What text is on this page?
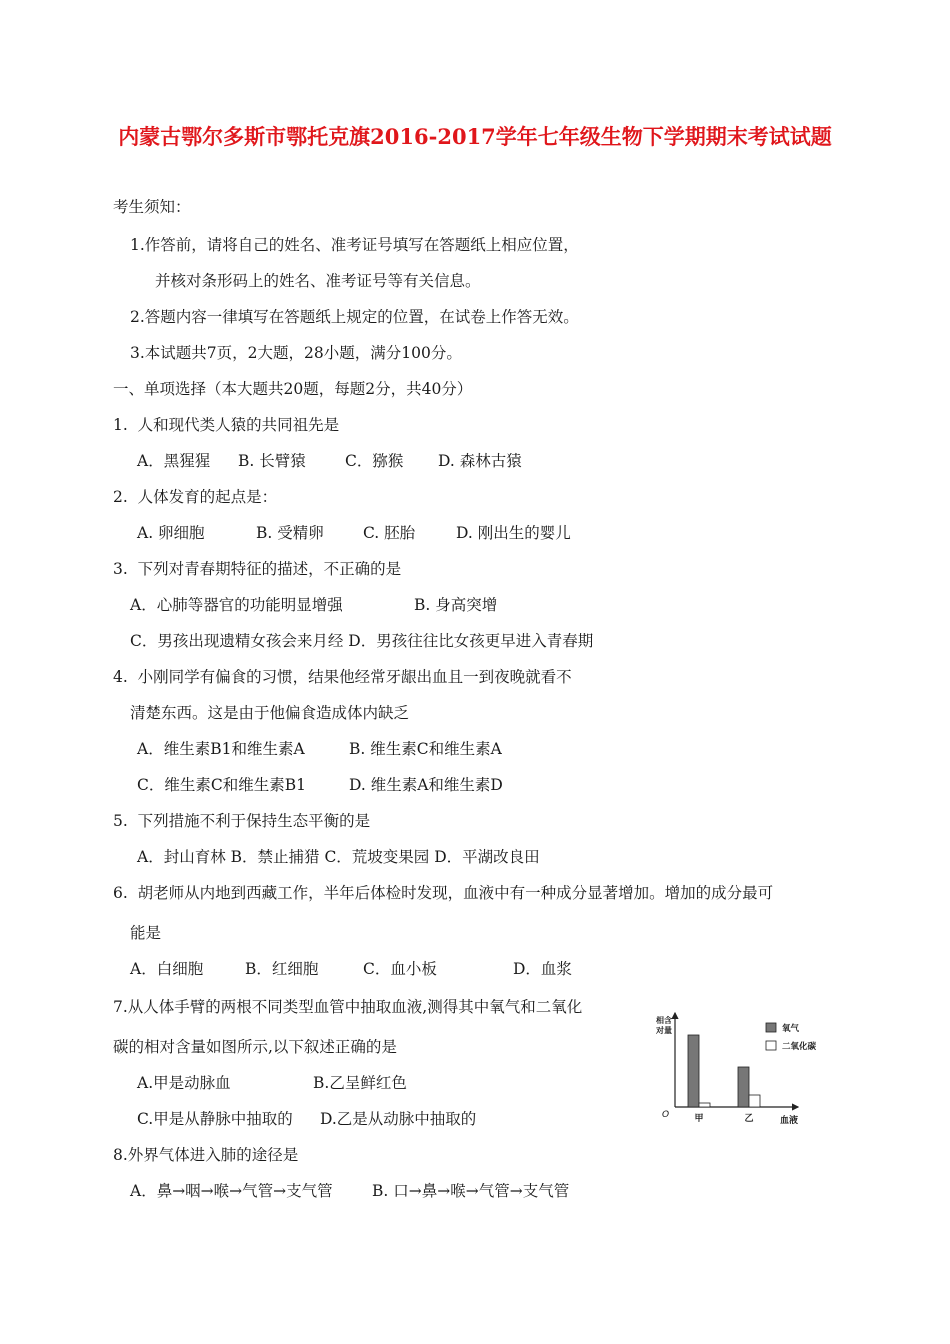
内蒙古鄂尔多斯市鄂托克旗2016-2017学年七年级生物下学期期末考试试题
考生须知：
1.作答前，请将自己的姓名、准考证号填写在答题纸上相应位置，
并核对条形码上的姓名、准考证号等有关信息。
2.答题内容一律填写在答题纸上规定的位置，在试卷上作答无效。
3.本试题共7页，2大题，28小题，满分100分。
一、单项选择（本大题共20题，每题2分，共40分）
1.  人和现代类人猿的共同祖先是
A．黑猩猩 B. 长臂猿	C．猕猴 D. 森林古猿
2.  人体发育的起点是：
A. 卵细胞	B. 受精卵	C. 胚胎	D. 刚出生的婴儿
3.  下列对青春期特征的描述，不正确的是
A．心肺等器官的功能明显增强	B. 身高突增
C．男孩出现遗精女孩会来月经 D．男孩往往比女孩更早进入青春期
4.  小刚同学有偏食的习惯，结果他经常牙龈出血且一到夜晚就看不
清楚东西。这是由于他偏食造成体内缺乏
A．维生素B1和维生素A	B. 维生素C和维生素A
C．维生素C和维生素B1	D. 维生素A和维生素D
5.  下列措施不利于保持生态平衡的是
A．封山育林 B．禁止捕猎 C．荒坡变果园 D．平湖改良田
6.  胡老师从内地到西藏工作，半年后体检时发现，血液中有一种成分显著增加。增加的成分最可
能是
A．白细胞	B．红细胞	C．血小板	D．血浆
7.从人体手臂的两根不同类型血管中抽取血液,测得其中氧气和二氧化
碳的相对含量如图所示,以下叙述正确的是
A.甲是动脉血	B.乙呈鲜红色
C.甲是从静脉中抽取的 D.乙是从动脉中抽取的
8.外界气体进入肺的途径是
A．鼻→咽→喉→气管→支气管	B. 口→鼻→喉→气管→支气管
相
对
含
量
O
血液
甲	乙
氧气
二氧化碳
